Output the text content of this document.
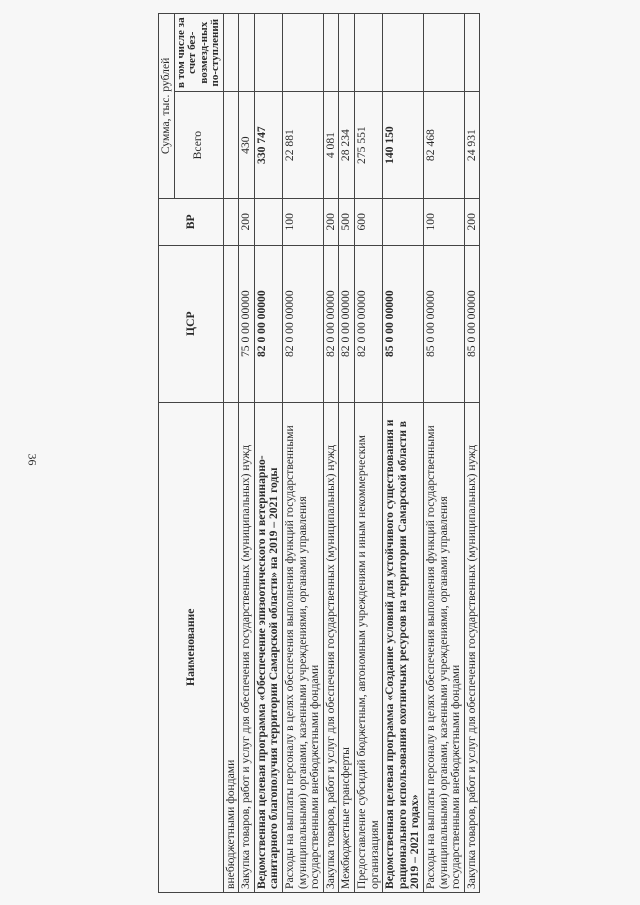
36
Наименование	ЦСР	ВР	Сумма, тыс. рублей	
			Всего	в том числе за счет без-возмезд-ных по-ступлений
внебюджетными фондами				
Закупка товаров, работ и услуг для обеспечения государственных (муниципальных) нужд	75 0 00 00000	200	430	
Ведомственная целевая программа «Обеспечение эпизоотического и ветеринарно-санитарного благополучия территории Самарской области» на 2019 – 2021 годы	82 0 00 00000		330 747	
Расходы на выплаты персоналу в целях обеспечения выполнения функций государственными (муниципальными) органами, казенными учреждениями, органами управления государственными внебюджетными фондами	82 0 00 00000	100	22 881	
Закупка товаров, работ и услуг для обеспечения государственных (муниципальных) нужд	82 0 00 00000	200	4 081	
Межбюджетные трансферты	82 0 00 00000	500	28 234	
Предоставление субсидий бюджетным, автономным учреждениям и иным некоммерческим организациям	82 0 00 00000	600	275 551	
Ведомственная целевая программа «Создание условий для устойчивого существования и рационального использования охотничьих ресурсов на территории Самарской области в 2019 – 2021 годах»	85 0 00 00000		140 150	
Расходы на выплаты персоналу в целях обеспечения выполнения функций государственными (муниципальными) органами, казенными учреждениями, органами управления государственными внебюджетными фондами	85 0 00 00000	100	82 468	
Закупка товаров, работ и услуг для обеспечения государственных (муниципальных) нужд	85 0 00 00000	200	24 931	
